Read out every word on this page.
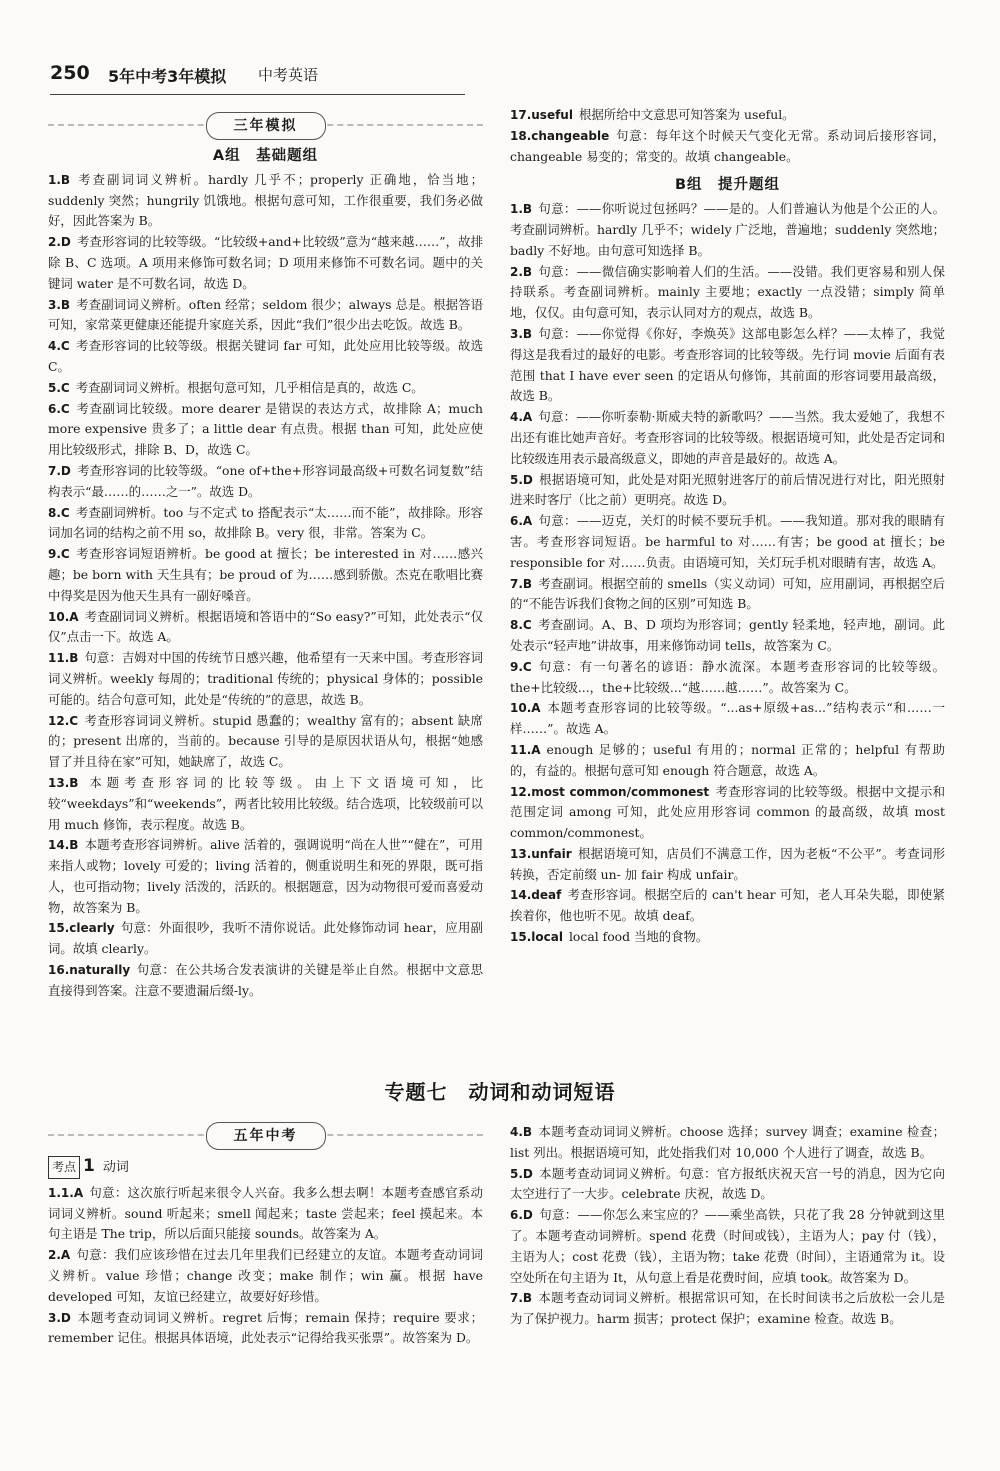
250 5年中考3年模拟 中考英语
三年模拟
A组　基础题组

1.B 考查副词词义辨析。hardly 几乎不；properly 正确地，恰当地；suddenly 突然；hungrily 饥饿地。根据句意可知，工作很重要，我们务必做好，因此答案为 B。

2.D 考查形容词的比较等级。“比较级+and+比较级”意为“越来越……”，故排除 B、C 选项。A 项用来修饰可数名词；D 项用来修饰不可数名词。题中的关键词 water 是不可数名词，故选 D。

3.B 考查副词词义辨析。often 经常；seldom 很少；always 总是。根据答语可知，家常菜更健康还能提升家庭关系，因此“我们”很少出去吃饭。故选 B。

4.C 考查形容词的比较等级。根据关键词 far 可知，此处应用比较等级。故选 C。

5.C 考查副词词义辨析。根据句意可知，几乎相信是真的，故选 C。

6.C 考查副词比较级。more dearer 是错误的表达方式，故排除 A；much more expensive 贵多了；a little dear 有点贵。根据 than 可知，此处应使用比较级形式，排除 B、D，故选 C。

7.D 考查形容词的比较等级。“one of+the+形容词最高级+可数名词复数”结构表示“最……的……之一”。故选 D。

8.C 考查副词辨析。too 与不定式 to 搭配表示“太……而不能”，故排除。形容词加名词的结构之前不用 so，故排除 B。very 很，非常。答案为 C。

9.C 考查形容词短语辨析。be good at 擅长；be interested in 对……感兴趣；be born with 天生具有；be proud of 为……感到骄傲。杰克在歌唱比赛中得奖是因为他天生具有一副好嗓音。

10.A 考查副词词义辨析。根据语境和答语中的“So easy?”可知，此处表示“仅仅”点击一下。故选 A。

11.B 句意：吉姆对中国的传统节日感兴趣，他希望有一天来中国。考查形容词词义辨析。weekly 每周的；traditional 传统的；physical 身体的；possible 可能的。结合句意可知，此处是“传统的”的意思，故选 B。

12.C 考查形容词词义辨析。stupid 愚蠢的；wealthy 富有的；absent 缺席的；present 出席的，当前的。because 引导的是原因状语从句，根据“她感冒了并且待在家”可知，她缺席了，故选 C。

13.B 本题考查形容词的比较等级。由上下文语境可知，比较“weekdays”和“weekends”，两者比较用比较级。结合选项，比较级前可以用 much 修饰，表示程度。故选 B。

14.B 本题考查形容词辨析。alive 活着的，强调说明“尚在人世”“健在”，可用来指人或物；lovely 可爱的；living 活着的，侧重说明生和死的界限，既可指人，也可指动物；lively 活泼的，活跃的。根据题意，因为动物很可爱而喜爱动物，故答案为 B。

15.clearly 句意：外面很吵，我听不清你说话。此处修饰动词 hear，应用副词。故填 clearly。

16.naturally 句意：在公共场合发表演讲的关键是举止自然。根据中文意思直接得到答案。注意不要遗漏后缀-ly。

17.useful 根据所给中文意思可知答案为 useful。

18.changeable 句意：每年这个时候天气变化无常。系动词后接形容词，changeable 易变的；常变的。故填 changeable。

B组　提升题组

1.B 句意：——你听说过包拯吗？——是的。人们普遍认为他是个公正的人。考查副词辨析。hardly 几乎不；widely 广泛地，普遍地；suddenly 突然地；badly 不好地。由句意可知选择 B。

2.B 句意：——微信确实影响着人们的生活。——没错。我们更容易和别人保持联系。考查副词辨析。mainly 主要地；exactly 一点没错；simply 简单地，仅仅。由句意可知，表示认同对方的观点，故选 B。

3.B 句意：——你觉得《你好，李焕英》这部电影怎么样？——太棒了，我觉得这是我看过的最好的电影。考查形容词的比较等级。先行词 movie 后面有表范围 that I have ever seen 的定语从句修饰，其前面的形容词要用最高级，故选 B。

4.A 句意：——你听泰勒·斯威夫特的新歌吗？——当然。我太爱她了，我想不出还有谁比她声音好。考查形容词的比较等级。根据语境可知，此处是否定词和比较级连用表示最高级意义，即她的声音是最好的。故选 A。

5.D 根据语境可知，此处是对阳光照射进客厅的前后情况进行对比，阳光照射进来时客厅（比之前）更明亮。故选 D。

6.A 句意：——迈克，关灯的时候不要玩手机。——我知道。那对我的眼睛有害。考查形容词短语。be harmful to 对……有害；be good at 擅长；be responsible for 对……负责。由语境可知，关灯玩手机对眼睛有害，故选 A。

7.B 考查副词。根据空前的 smells（实义动词）可知，应用副词，再根据空后的“不能告诉我们食物之间的区别”可知选 B。

8.C 考查副词。A、B、D 项均为形容词；gently 轻柔地，轻声地，副词。此处表示“轻声地”讲故事，用来修饰动词 tells，故答案为 C。

9.C 句意：有一句著名的谚语：静水流深。本题考查形容词的比较等级。the+比较级...，the+比较级...“越……越……”。故答案为 C。

10.A 本题考查形容词的比较等级。“...as+原级+as...”结构表示“和……一样……”。故选 A。

11.A enough 足够的；useful 有用的；normal 正常的；helpful 有帮助的，有益的。根据句意可知 enough 符合题意，故选 A。

12.most common/commonest 考查形容词的比较等级。根据中文提示和范围定词 among 可知，此处应用形容词 common 的最高级，故填 most common/commonest。

13.unfair 根据语境可知，店员们不满意工作，因为老板“不公平”。考查词形转换，否定前缀 un- 加 fair 构成 unfair。

14.deaf 考查形容词。根据空后的 can't hear 可知，老人耳朵失聪，即使紧挨着你，他也听不见。故填 deaf。

15.local local food 当地的食物。

专题七　动词和动词短语
五年中考
考点 1 动词

1.1.A 句意：这次旅行听起来很令人兴奋。我多么想去啊！本题考查感官系动词词义辨析。sound 听起来；smell 闻起来；taste 尝起来；feel 摸起来。本句主语是 The trip，所以后面只能接 sounds。故答案为 A。

2.A 句意：我们应该珍惜在过去几年里我们已经建立的友谊。本题考查动词词义辨析。value 珍惜；change 改变；make 制作；win 赢。根据 have developed 可知，友谊已经建立，故要好好珍惜。

3.D 本题考查动词词义辨析。regret 后悔；remain 保持；require 要求；remember 记住。根据具体语境，此处表示“记得给我买张票”。故答案为 D。

4.B 本题考查动词词义辨析。choose 选择；survey 调查；examine 检查；list 列出。根据语境可知，此处指我们对 10,000 个人进行了调查，故选 B。

5.D 本题考查动词词义辨析。句意：官方报纸庆祝天宫一号的消息，因为它向太空进行了一大步。celebrate 庆祝，故选 D。

6.D 句意：——你怎么来宝应的？——乘坐高铁，只花了我 28 分钟就到这里了。本题考查动词辨析。spend 花费（时间或钱），主语为人；pay 付（钱），主语为人；cost 花费（钱），主语为物；take 花费（时间），主语通常为 it。设空处所在句主语为 It，从句意上看是花费时间，应填 took。故答案为 D。

7.B 本题考查动词词义辨析。根据常识可知，在长时间读书之后放松一会儿是为了保护视力。harm 损害；protect 保护；examine 检查。故选 B。
